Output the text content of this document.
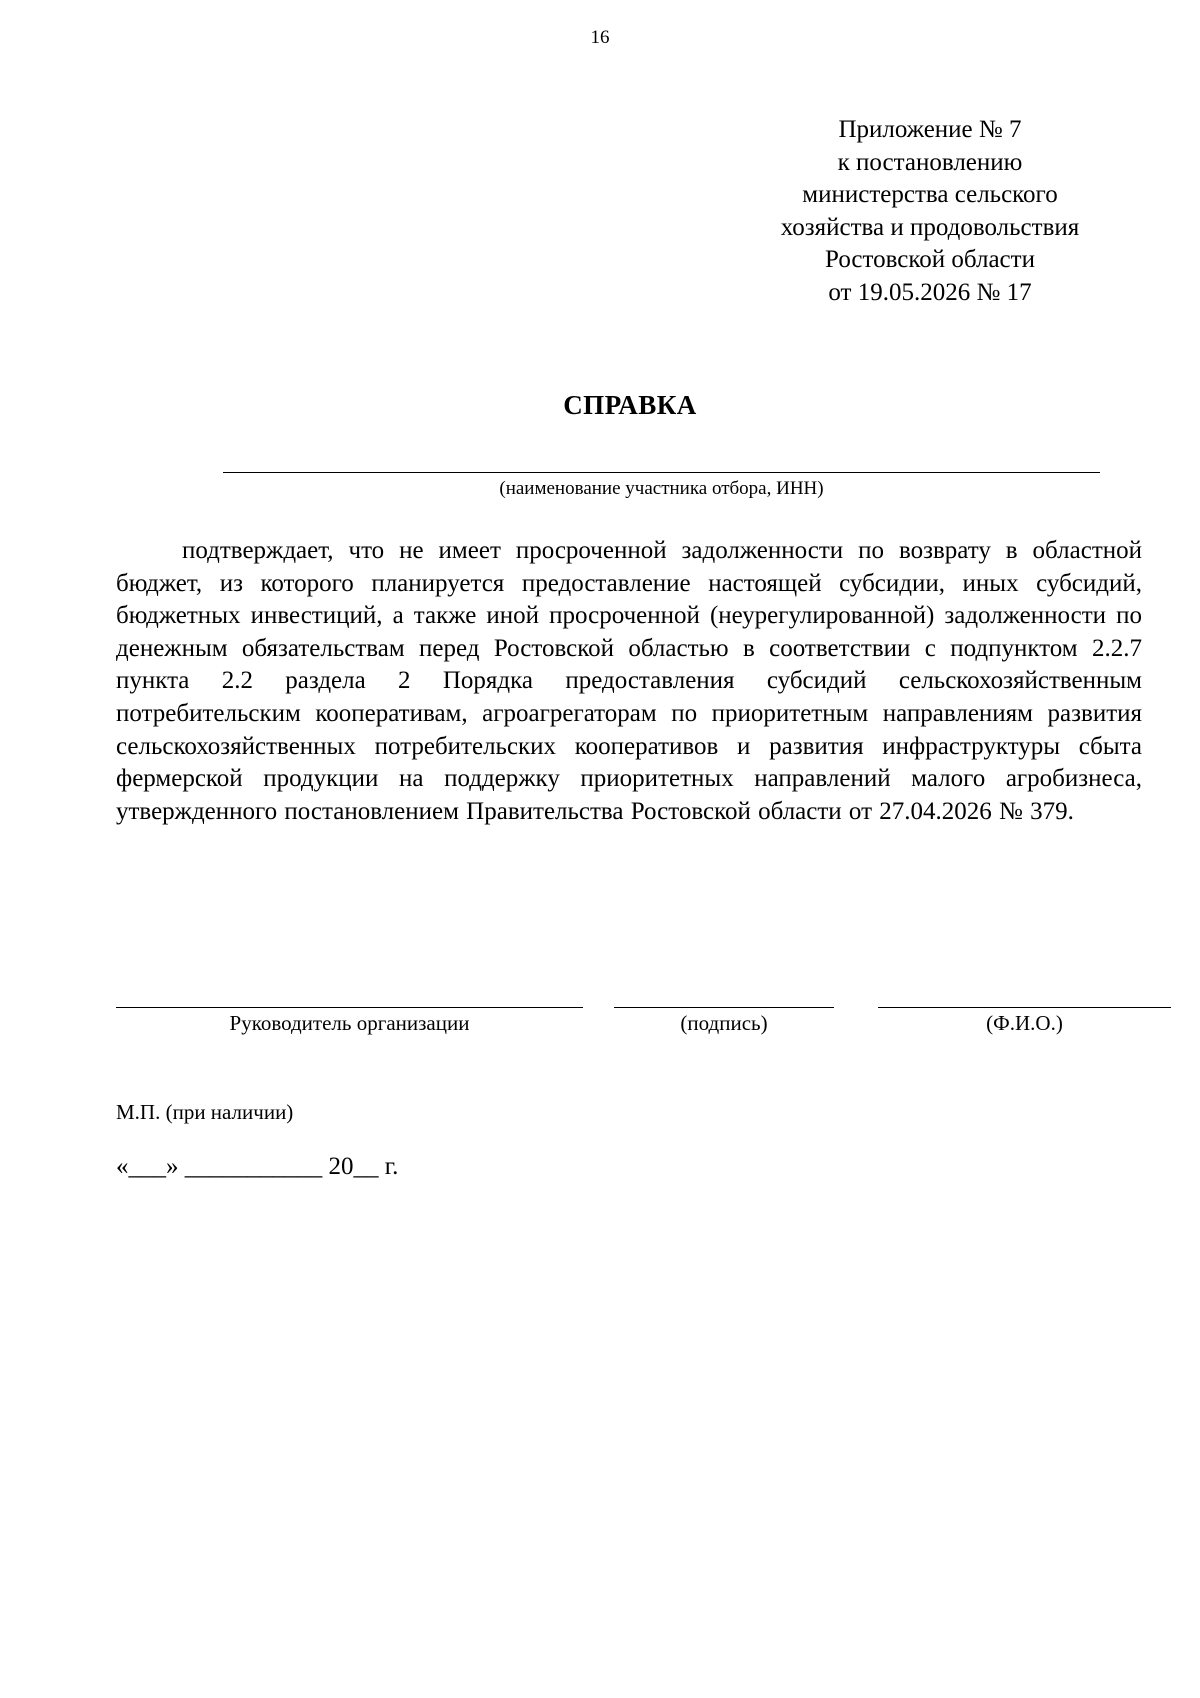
16
Приложение № 7
к постановлению
министерства сельского
хозяйства и продовольствия
Ростовской области
от 19.05.2026 № 17
СПРАВКА
(наименование участника отбора, ИНН)

подтверждает, что не имеет просроченной задолженности по возврату в областной бюджет, из которого планируется предоставление настоящей субсидии, иных субсидий, бюджетных инвестиций, а также иной просроченной (неурегулированной) задолженности по денежным обязательствам перед Ростовской областью в соответствии с подпунктом 2.2.7 пункта 2.2 раздела 2 Порядка предоставления субсидий сельскохозяйственным потребительским кооперативам, агроагрегаторам по приоритетным направлениям развития сельскохозяйственных потребительских кооперативов и развития инфраструктуры сбыта фермерской продукции на поддержку приоритетных направлений малого агробизнеса, утвержденного постановлением Правительства Ростовской области от 27.04.2026 № 379.

Руководитель организации	(подпись)	(Ф.И.О.)
М.П. (при наличии)
«___» ___________ 20__ г.
